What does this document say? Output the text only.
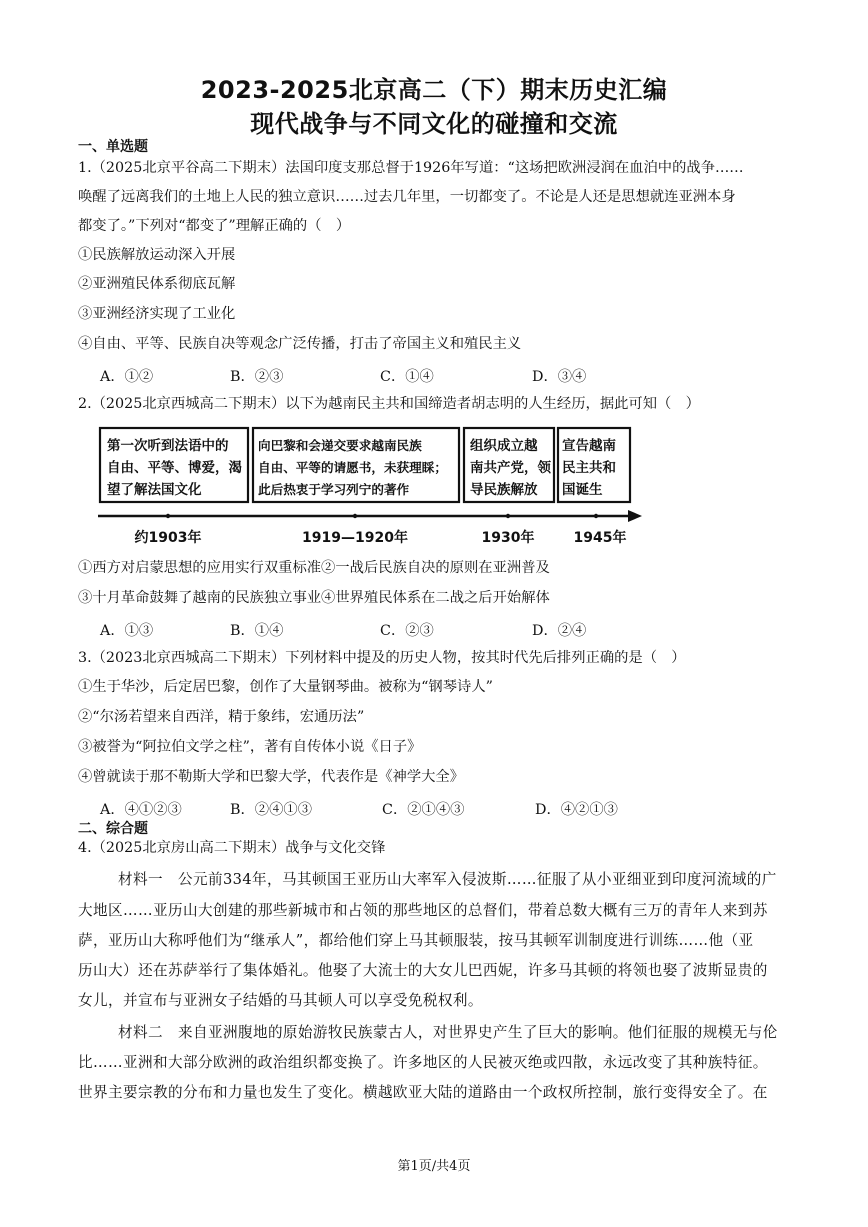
2023-2025北京高二（下）期末历史汇编
现代战争与不同文化的碰撞和交流
一、单选题
1.（2025北京平谷高二下期末）法国印度支那总督于1926年写道：“这场把欧洲浸润在血泊中的战争……
唤醒了远离我们的土地上人民的独立意识……过去几年里，一切都变了。不论是人还是思想就连亚洲本身
都变了。”下列对“都变了”理解正确的（　）
①民族解放运动深入开展
②亚洲殖民体系彻底瓦解
③亚洲经济实现了工业化
④自由、平等、民族自决等观念广泛传播，打击了帝国主义和殖民主义
A．①②	B．②③	C．①④	D．③④
2.（2025北京西城高二下期末）以下为越南民主共和国缔造者胡志明的人生经历，据此可知（　）
第一次听到法语中的
自由、平等、博爱，渴
望了解法国文化
向巴黎和会递交要求越南民族
自由、平等的请愿书，未获理睬；
此后热衷于学习列宁的著作
组织成立越
南共产党，领
导民族解放
宣告越南
民主共和
国诞生
约1903年	1919—1920年	1930年	1945年
①西方对启蒙思想的应用实行双重标准②一战后民族自决的原则在亚洲普及
③十月革命鼓舞了越南的民族独立事业④世界殖民体系在二战之后开始解体
A．①③	B．①④	C．②③	D．②④
3.（2023北京西城高二下期末）下列材料中提及的历史人物，按其时代先后排列正确的是（　）
①生于华沙，后定居巴黎，创作了大量钢琴曲。被称为“钢琴诗人”
②“尔汤若望来自西洋，精于象纬，宏通历法”
③被誉为“阿拉伯文学之柱”，著有自传体小说《日子》
④曾就读于那不勒斯大学和巴黎大学，代表作是《神学大全》
A．④①②③	B．②④①③	C．②①④③	D．④②①③
二、综合题
4.（2025北京房山高二下期末）战争与文化交锋
材料一　公元前334年，马其顿国王亚历山大率军入侵波斯……征服了从小亚细亚到印度河流域的广
大地区……亚历山大创建的那些新城市和占领的那些地区的总督们，带着总数大概有三万的青年人来到苏
萨，亚历山大称呼他们为“继承人”，都给他们穿上马其顿服装，按马其顿军训制度进行训练……他（亚
历山大）还在苏萨举行了集体婚礼。他娶了大流士的大女儿巴西妮，许多马其顿的将领也娶了波斯显贵的
女儿，并宣布与亚洲女子结婚的马其顿人可以享受免税权利。
材料二　来自亚洲腹地的原始游牧民族蒙古人，对世界史产生了巨大的影响。他们征服的规模无与伦
比……亚洲和大部分欧洲的政治组织都变换了。许多地区的人民被灭绝或四散，永远改变了其种族特征。
世界主要宗教的分布和力量也发生了变化。横越欧亚大陆的道路由一个政权所控制，旅行变得安全了。在
第1页/共4页
